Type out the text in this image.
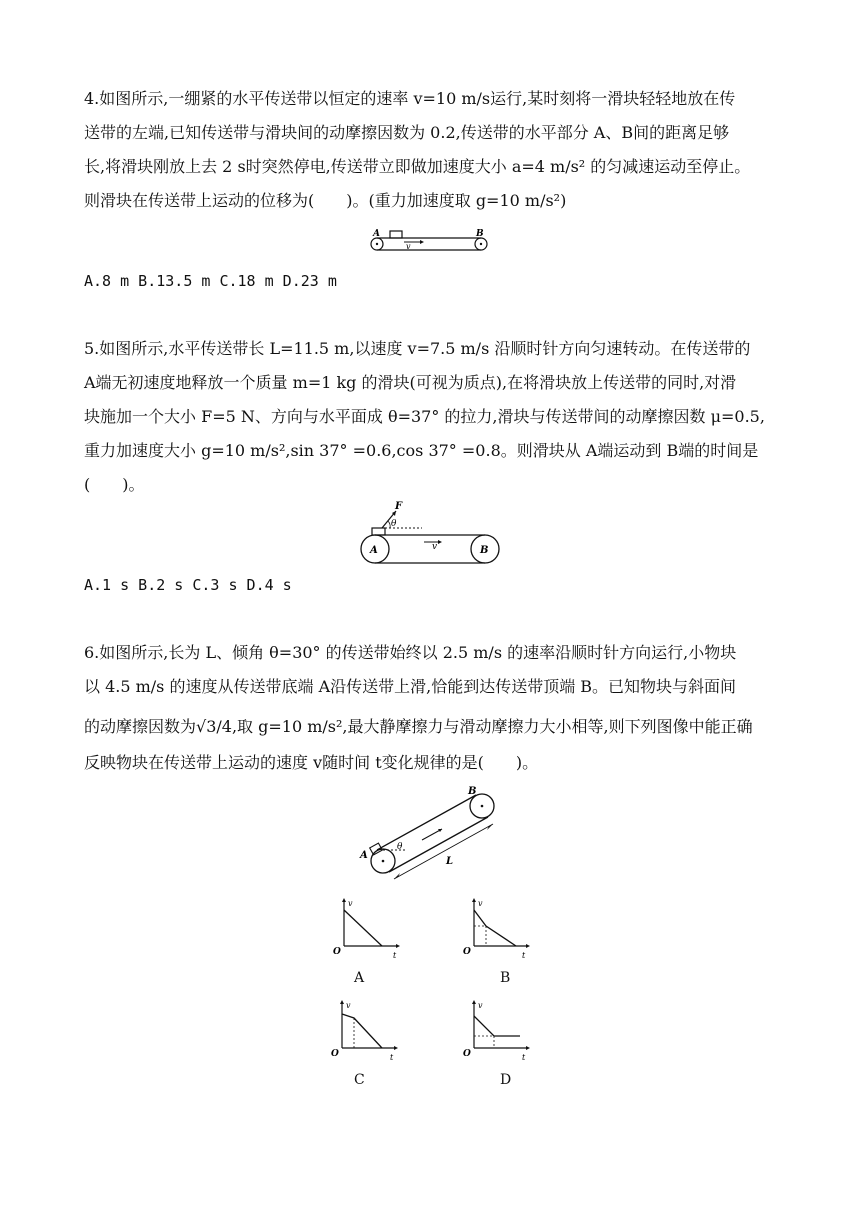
4.如图所示,一绷紧的水平传送带以恒定的速率 v=10 m/s运行,某时刻将一滑块轻轻地放在传
送带的左端,已知传送带与滑块间的动摩擦因数为 0.2,传送带的水平部分 A、B间的距离足够
长,将滑块刚放上去 2 s时突然停电,传送带立即做加速度大小 a=4 m/s² 的匀减速运动至停止。
则滑块在传送带上运动的位移为(　　)。(重力加速度取 g=10 m/s²)
A	B
v
A.8 m B.13.5 m C.18 m D.23 m
5.如图所示,水平传送带长 L=11.5 m,以速度 v=7.5 m/s 沿顺时针方向匀速转动。在传送带的
A端无初速度地释放一个质量 m=1 kg 的滑块(可视为质点),在将滑块放上传送带的同时,对滑
块施加一个大小 F=5 N、方向与水平面成 θ=37° 的拉力,滑块与传送带间的动摩擦因数 μ=0.5,
重力加速度大小 g=10 m/s²,sin 37° =0.6,cos 37° =0.8。则滑块从 A端运动到 B端的时间是
(　　)。
F
θ
A	B
v
A.1 s B.2 s C.3 s D.4 s
6.如图所示,长为 L、倾角 θ=30° 的传送带始终以 2.5 m/s 的速率沿顺时针方向运行,小物块
以 4.5 m/s 的速度从传送带底端 A沿传送带上滑,恰能到达传送带顶端 B。已知物块与斜面间
的动摩擦因数为√3/4,取 g=10 m/s²,最大静摩擦力与滑动摩擦力大小相等,则下列图像中能正确
反映物块在传送带上运动的速度 v随时间 t变化规律的是(　　)。
θ
A
B
L
v
t
O
A
v
t
O
B
v
t
O
C
v
t
O
D
